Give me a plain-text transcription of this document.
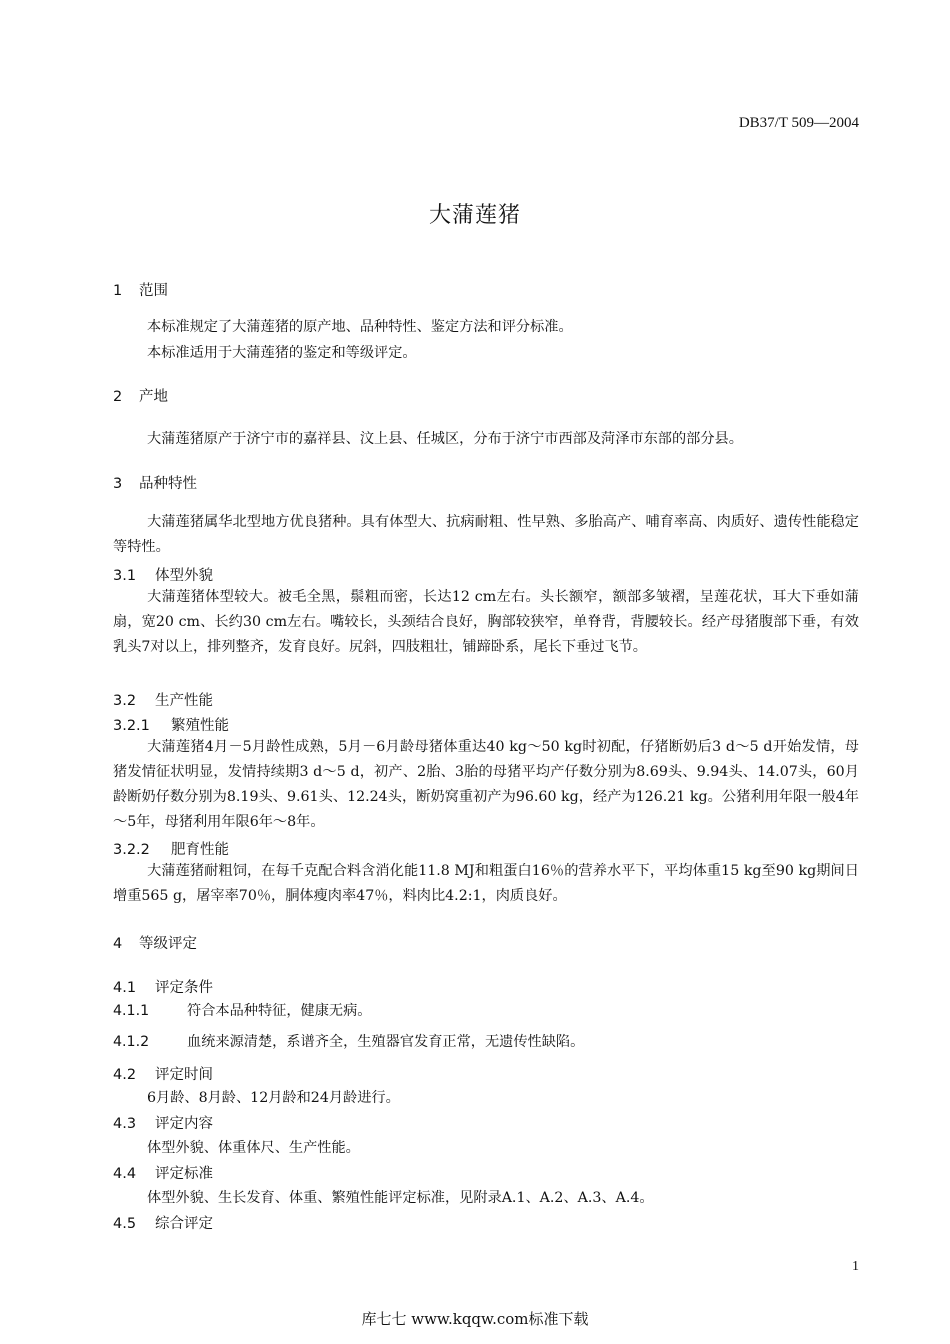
DB37/T 509—2004
大蒲莲猪
1 范围
本标准规定了大蒲莲猪的原产地、品种特性、鉴定方法和评分标准。
本标准适用于大蒲莲猪的鉴定和等级评定。
2 产地
大蒲莲猪原产于济宁市的嘉祥县、汶上县、任城区，分布于济宁市西部及菏泽市东部的部分县。
3 品种特性
大蒲莲猪属华北型地方优良猪种。具有体型大、抗病耐粗、性早熟、多胎高产、哺育率高、肉质好、遗传性能稳定等特性。
3.1 体型外貌
大蒲莲猪体型较大。被毛全黑，鬃粗而密，长达12 cm左右。头长额窄，额部多皱褶，呈莲花状，耳大下垂如蒲扇，宽20 cm、长约30 cm左右。嘴较长，头颈结合良好，胸部较狭窄，单脊背，背腰较长。经产母猪腹部下垂，有效乳头7对以上，排列整齐，发育良好。尻斜，四肢粗壮，铺蹄卧系，尾长下垂过飞节。
3.2 生产性能
3.2.1 繁殖性能
大蒲莲猪4月－5月龄性成熟，5月－6月龄母猪体重达40 kg～50 kg时初配，仔猪断奶后3 d～5 d开始发情，母猪发情征状明显，发情持续期3 d～5 d，初产、2胎、3胎的母猪平均产仔数分别为8.69头、9.94头、14.07头，60月龄断奶仔数分别为8.19头、9.61头、12.24头，断奶窝重初产为96.60 kg，经产为126.21 kg。公猪利用年限一般4年～5年，母猪利用年限6年～8年。
3.2.2 肥育性能
大蒲莲猪耐粗饲，在每千克配合料含消化能11.8 MJ和粗蛋白16％的营养水平下，平均体重15 kg至90 kg期间日增重565 g，屠宰率70％，胴体瘦肉率47％，料肉比4.2:1，肉质良好。
4 等级评定
4.1 评定条件
4.1.1	符合本品种特征，健康无病。
4.1.2	血统来源清楚，系谱齐全，生殖器官发育正常，无遗传性缺陷。
4.2 评定时间
6月龄、8月龄、12月龄和24月龄进行。
4.3 评定内容
体型外貌、体重体尺、生产性能。
4.4 评定标准
体型外貌、生长发育、体重、繁殖性能评定标准，见附录A.1、A.2、A.3、A.4。
4.5 综合评定
1
库七七 www.kqqw.com标准下载
